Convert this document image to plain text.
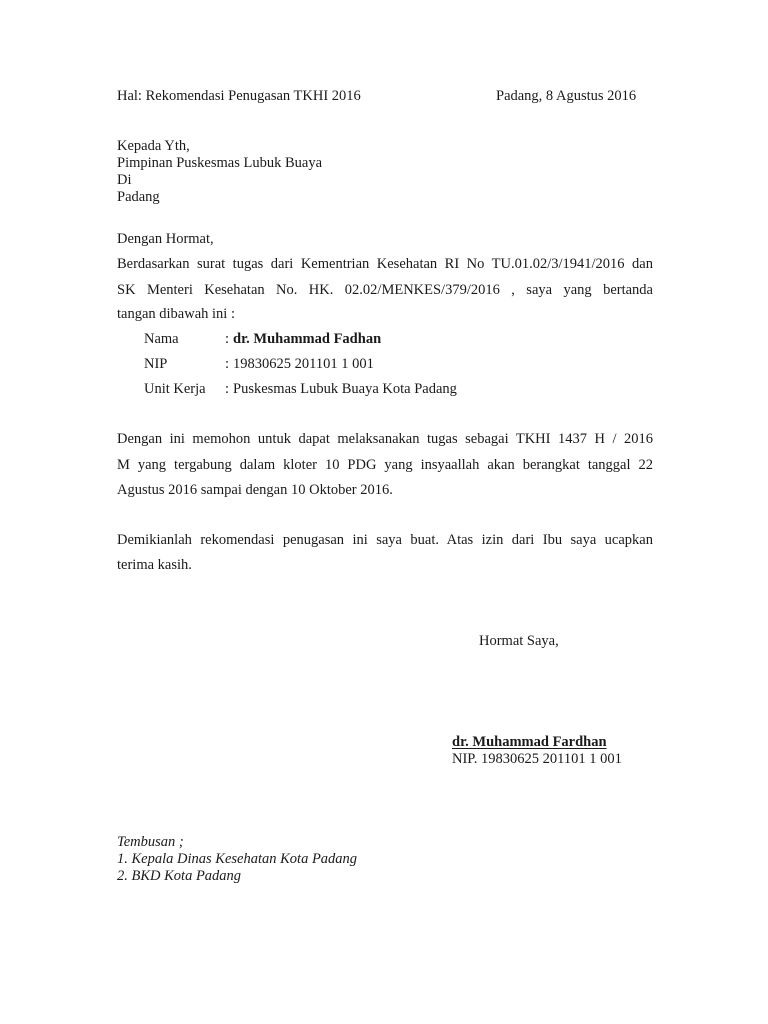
Hal: Rekomendasi Penugasan TKHI 2016	Padang, 8 Agustus 2016
Kepada Yth,
Pimpinan Puskesmas Lubuk Buaya
Di
Padang
Dengan Hormat,
Berdasarkan surat tugas dari Kementrian Kesehatan RI No TU.01.02/3/1941/2016 dan
SK Menteri Kesehatan No. HK. 02.02/MENKES/379/2016 , saya yang bertanda
tangan dibawah ini :
Nama	: dr. Muhammad Fadhan
NIP	: 19830625 201101 1 001
Unit Kerja : Puskesmas Lubuk Buaya Kota Padang
Dengan ini memohon untuk dapat melaksanakan tugas sebagai TKHI 1437 H / 2016
M yang tergabung dalam kloter 10 PDG yang insyaallah akan berangkat tanggal 22
Agustus 2016 sampai dengan 10 Oktober 2016.
Demikianlah rekomendasi penugasan ini saya buat. Atas izin dari Ibu saya ucapkan
terima kasih.
Hormat Saya,
dr. Muhammad Fardhan
NIP. 19830625 201101 1 001
Tembusan ;
1. Kepala Dinas Kesehatan Kota Padang
2. BKD Kota Padang
